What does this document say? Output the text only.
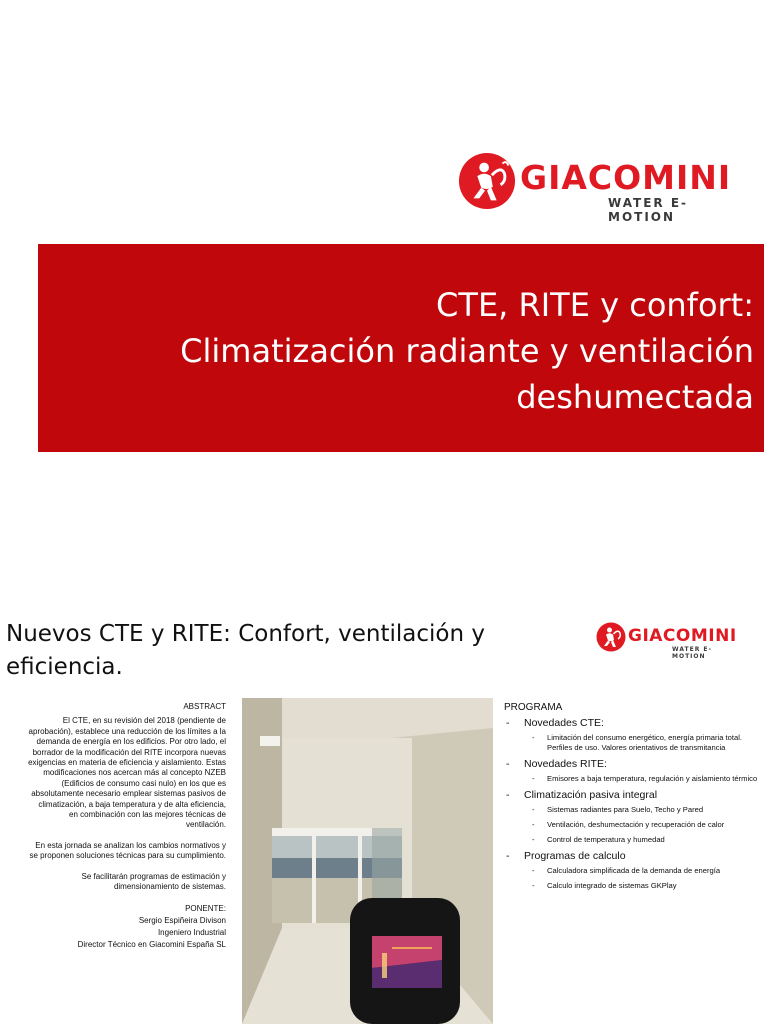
GIACOMINI
WATER E-MOTION
CTE, RITE y confort:
Climatización radiante y ventilación
deshumectada
Nuevos CTE y RITE: Confort, ventilación y eficiencia.
GIACOMINI
WATER E-MOTION

ABSTRACT

El CTE, en su revisión del 2018 (pendiente de aprobación), establece una reducción de los límites a la demanda de energía en los edificios. Por otro lado, el borrador de la modificación del RITE incorpora nuevas exigencias en materia de eficiencia y aislamiento. Estas modificaciones nos acercan más al concepto NZEB (Edificios de consumo casi nulo) en los que es absolutamente necesario emplear sistemas pasivos de climatización, a baja temperatura y de alta eficiencia, en combinación con las mejores técnicas de ventilación.

En esta jornada se analizan los cambios normativos y se proponen soluciones técnicas para su cumplimiento.

Se facilitarán programas de estimación y dimensionamiento de sistemas.

PONENTE:

Sergio Espiñeira Divison

Ingeniero Industrial

Director Técnico en Giacomini España SL

PROGRAMA
- Novedades CTE:
- Limitación del consumo energético, energía primaria total. Perfiles de uso. Valores orientativos de transmitancia
- Novedades RITE:
- Emisores a baja temperatura, regulación y aislamiento térmico
- Climatización pasiva integral
- Sistemas radiantes para Suelo, Techo y Pared
- Ventilación, deshumectación y recuperación de calor
- Control de temperatura y humedad
- Programas de calculo
- Calculadora simplificada de la demanda de energía
- Calculo integrado de sistemas GKPlay
